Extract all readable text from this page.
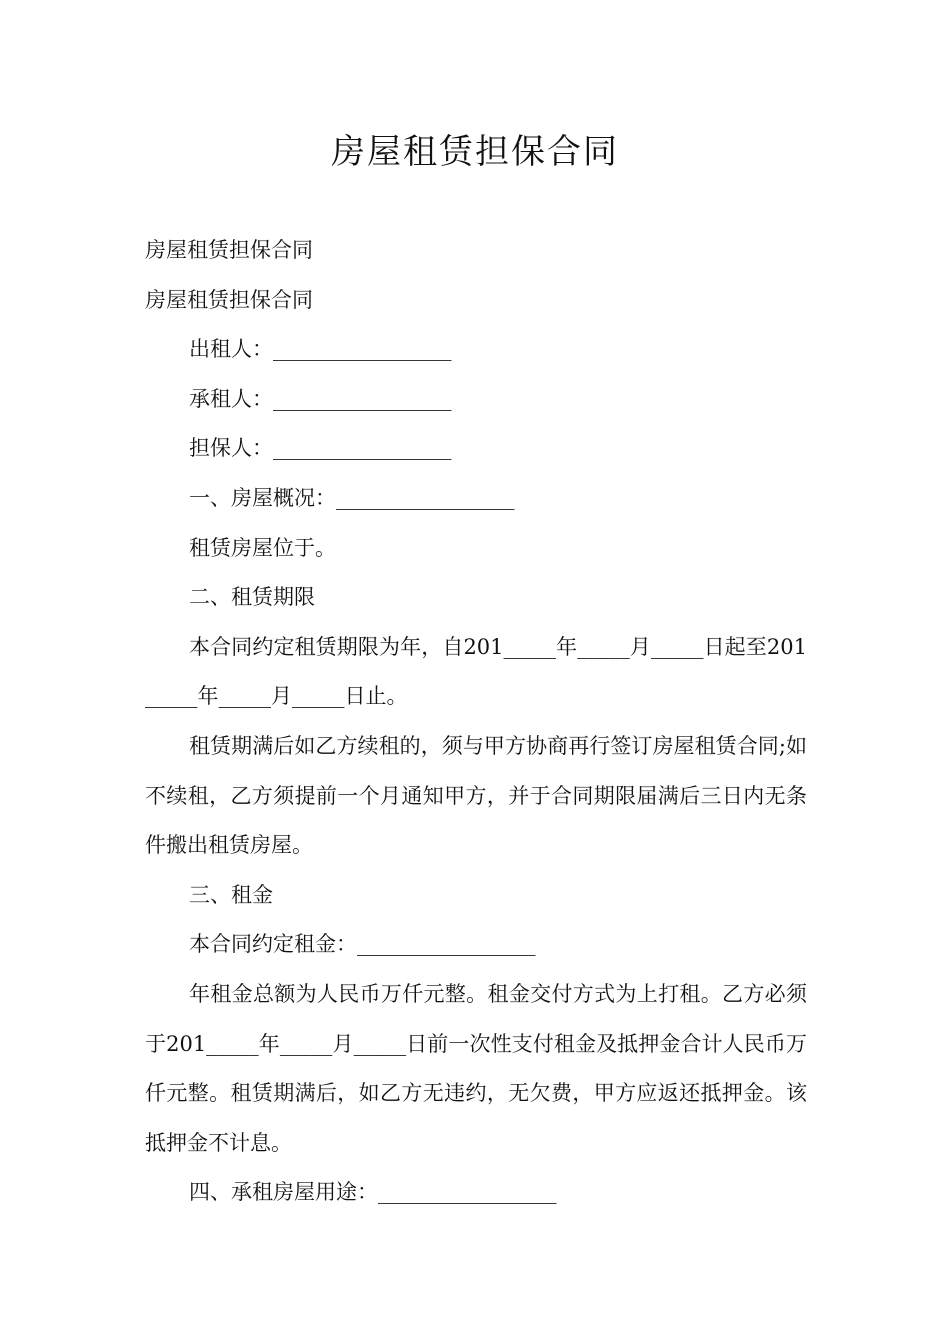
房屋租赁担保合同

房屋租赁担保合同

房屋租赁担保合同

出租人：_________________

承租人：_________________

担保人：_________________

一、房屋概况：_________________

租赁房屋位于。

二、租赁期限

本合同约定租赁期限为年，自201_____年_____月_____日起至201_____年_____月_____日止。

租赁期满后如乙方续租的，须与甲方协商再行签订房屋租赁合同;如不续租，乙方须提前一个月通知甲方，并于合同期限届满后三日内无条件搬出租赁房屋。

三、租金

本合同约定租金：_________________

年租金总额为人民币万仟元整。租金交付方式为上打租。乙方必须于201_____年_____月_____日前一次性支付租金及抵押金合计人民币万仟元整。租赁期满后，如乙方无违约，无欠费，甲方应返还抵押金。该抵押金不计息。

四、承租房屋用途：_________________
